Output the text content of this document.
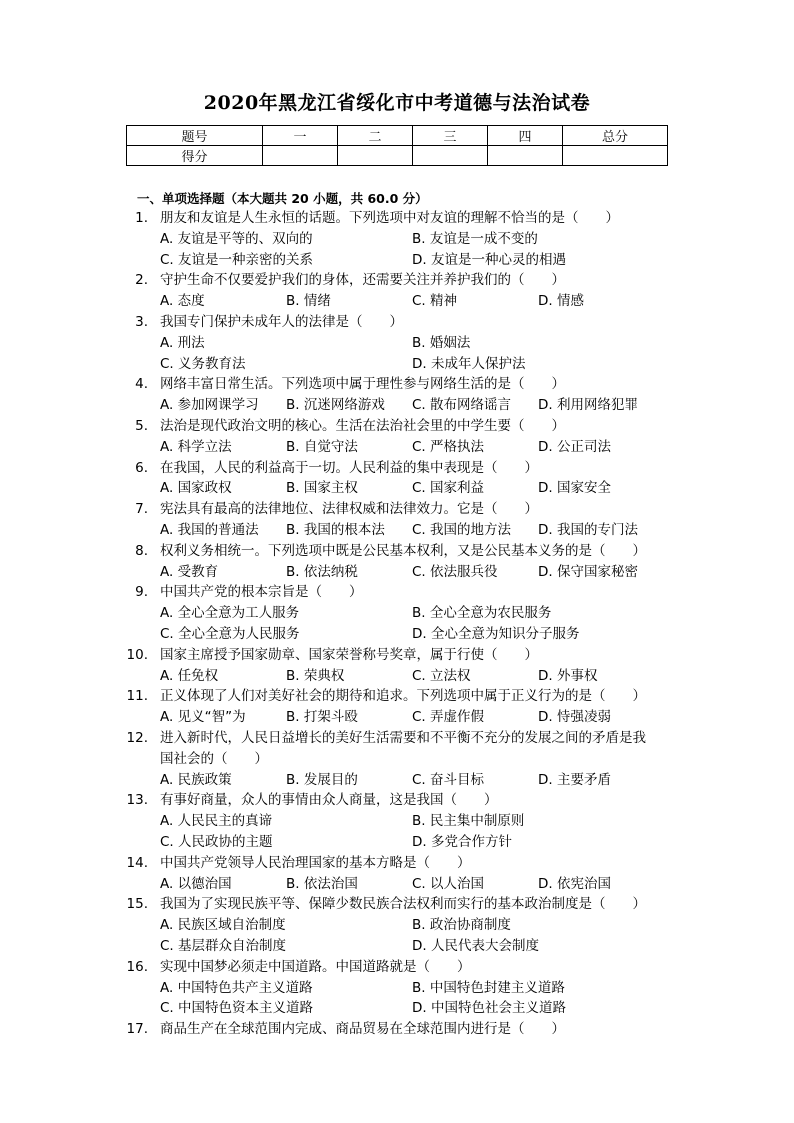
2020年黑龙江省绥化市中考道德与法治试卷
题号	一	二	三	四	总分
得分					
一、单项选择题（本大题共 20 小题，共 60.0 分）
1. 朋友和友谊是人生永恒的话题。下列选项中对友谊的理解不恰当的是（　　）
A. 友谊是平等的、双向的	B. 友谊是一成不变的
C. 友谊是一种亲密的关系	D. 友谊是一种心灵的相遇
2. 守护生命不仅要爱护我们的身体，还需要关注并养护我们的（　　）
A. 态度	B. 情绪	C. 精神	D. 情感
3. 我国专门保护未成年人的法律是（　　）
A. 刑法	B. 婚姻法
C. 义务教育法	D. 未成年人保护法
4. 网络丰富日常生活。下列选项中属于理性参与网络生活的是（　　）
A. 参加网课学习 B. 沉迷网络游戏 C. 散布网络谣言 D. 利用网络犯罪
5. 法治是现代政治文明的核心。生活在法治社会里的中学生要（　　）
A. 科学立法	B. 自觉守法	C. 严格执法	D. 公正司法
6. 在我国，人民的利益高于一切。人民利益的集中表现是（　　）
A. 国家政权	B. 国家主权	C. 国家利益	D. 国家安全
7. 宪法具有最高的法律地位、法律权威和法律效力。它是（　　）
A. 我国的普通法 B. 我国的根本法 C. 我国的地方法 D. 我国的专门法
8. 权利义务相统一。下列选项中既是公民基本权利，又是公民基本义务的是（　　）
A. 受教育	B. 依法纳税	C. 依法服兵役	D. 保守国家秘密
9. 中国共产党的根本宗旨是（　　）
A. 全心全意为工人服务	B. 全心全意为农民服务
C. 全心全意为人民服务	D. 全心全意为知识分子服务
10. 国家主席授予国家勋章、国家荣誉称号奖章，属于行使（　　）
A. 任免权	B. 荣典权	C. 立法权	D. 外事权
11. 正义体现了人们对美好社会的期待和追求。下列选项中属于正义行为的是（　　）
A. 见义“智”为	B. 打架斗殴	C. 弄虚作假	D. 恃强凌弱
12. 进入新时代，人民日益增长的美好生活需要和不平衡不充分的发展之间的矛盾是我
国社会的（　　）
A. 民族政策	B. 发展目的	C. 奋斗目标	D. 主要矛盾
13. 有事好商量，众人的事情由众人商量，这是我国（　　）
A. 人民民主的真谛	B. 民主集中制原则
C. 人民政协的主题	D. 多党合作方针
14. 中国共产党领导人民治理国家的基本方略是（　　）
A. 以德治国	B. 依法治国	C. 以人治国	D. 依宪治国
15. 我国为了实现民族平等、保障少数民族合法权利而实行的基本政治制度是（　　）
A. 民族区域自治制度	B. 政治协商制度
C. 基层群众自治制度	D. 人民代表大会制度
16. 实现中国梦必须走中国道路。中国道路就是（　　）
A. 中国特色共产主义道路	B. 中国特色封建主义道路
C. 中国特色资本主义道路	D. 中国特色社会主义道路
17. 商品生产在全球范围内完成、商品贸易在全球范围内进行是（　　）
